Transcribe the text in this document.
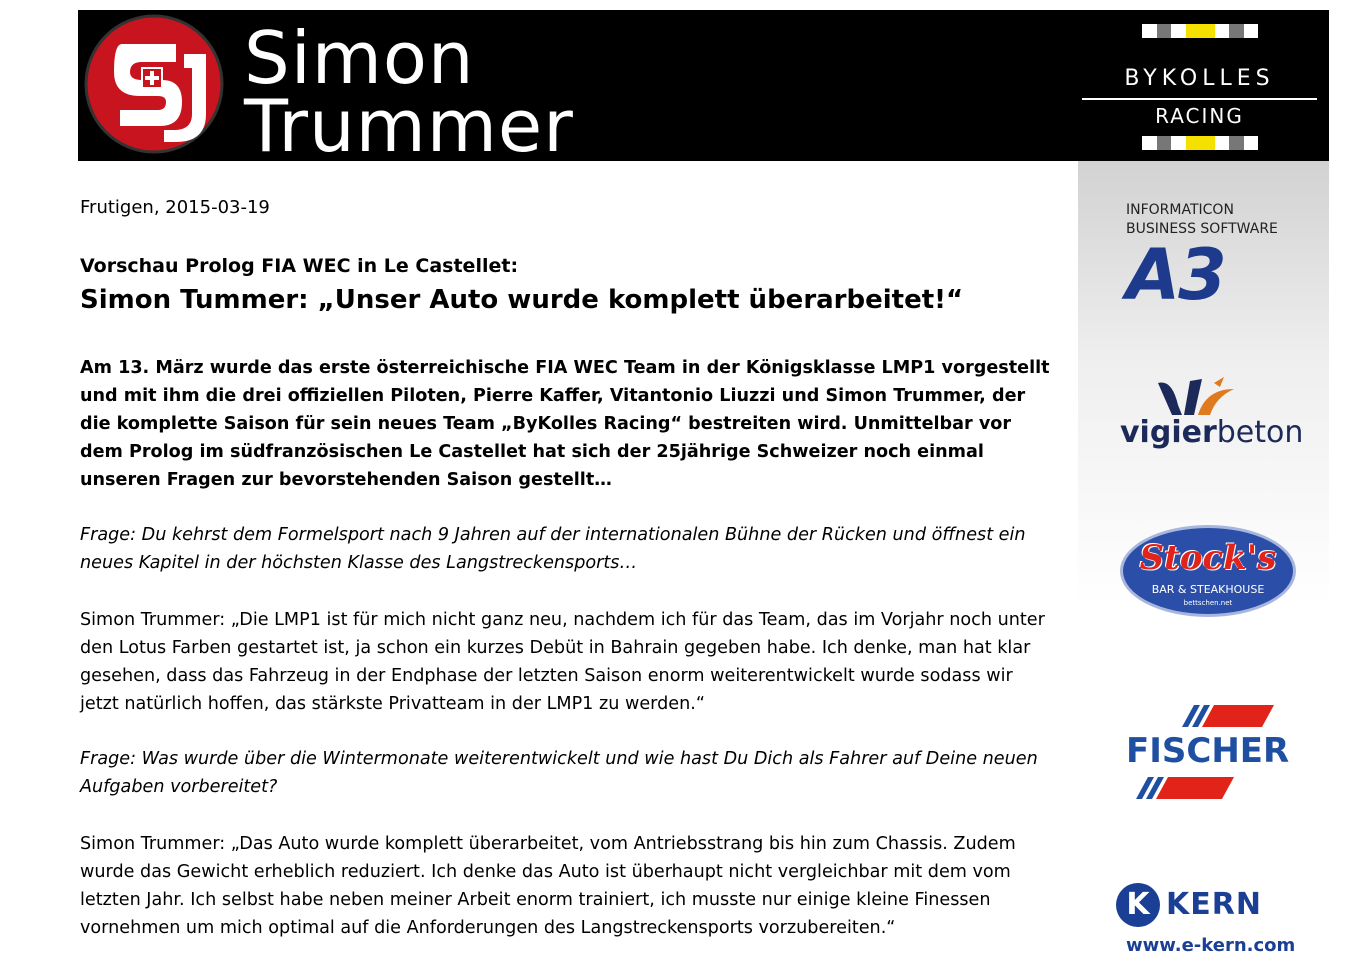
Simon
Trummer
BYKOLLES
RACING
INFORMATICON
BUSINESS SOFTWARE
A3
vigierbeton
Stock's
BAR & STEAKHOUSE
bettschen.net
FISCHER
K KERN
www.e-kern.com
Frutigen, 2015-03-19
Vorschau Prolog FIA WEC in Le Castellet:
Simon Tummer: „Unser Auto wurde komplett überarbeitet!“
Am 13. März wurde das erste österreichische FIA WEC Team in der Königsklasse LMP1 vorgestellt und mit ihm die drei offiziellen Piloten, Pierre Kaffer, Vitantonio Liuzzi und Simon Trummer, der die komplette Saison für sein neues Team „ByKolles Racing“ bestreiten wird. Unmittelbar vor dem Prolog im südfranzösischen Le Castellet hat sich der 25jährige Schweizer noch einmal unseren Fragen zur bevorstehenden Saison gestellt…
Frage: Du kehrst dem Formelsport nach 9 Jahren auf der internationalen Bühne der Rücken und öffnest ein neues Kapitel in der höchsten Klasse des Langstreckensports…
Simon Trummer: „Die LMP1 ist für mich nicht ganz neu, nachdem ich für das Team, das im Vorjahr noch unter den Lotus Farben gestartet ist, ja schon ein kurzes Debüt in Bahrain gegeben habe. Ich denke, man hat klar gesehen, dass das Fahrzeug in der Endphase der letzten Saison enorm weiterentwickelt wurde sodass wir jetzt natürlich hoffen, das stärkste Privatteam in der LMP1 zu werden.“
Frage: Was wurde über die Wintermonate weiterentwickelt und wie hast Du Dich als Fahrer auf Deine neuen Aufgaben vorbereitet?
Simon Trummer: „Das Auto wurde komplett überarbeitet, vom Antriebsstrang bis hin zum Chassis. Zudem wurde das Gewicht erheblich reduziert. Ich denke das Auto ist überhaupt nicht vergleichbar mit dem vom letzten Jahr. Ich selbst habe neben meiner Arbeit enorm trainiert, ich musste nur einige kleine Finessen vornehmen um mich optimal auf die Anforderungen des Langstreckensports vorzubereiten.“
